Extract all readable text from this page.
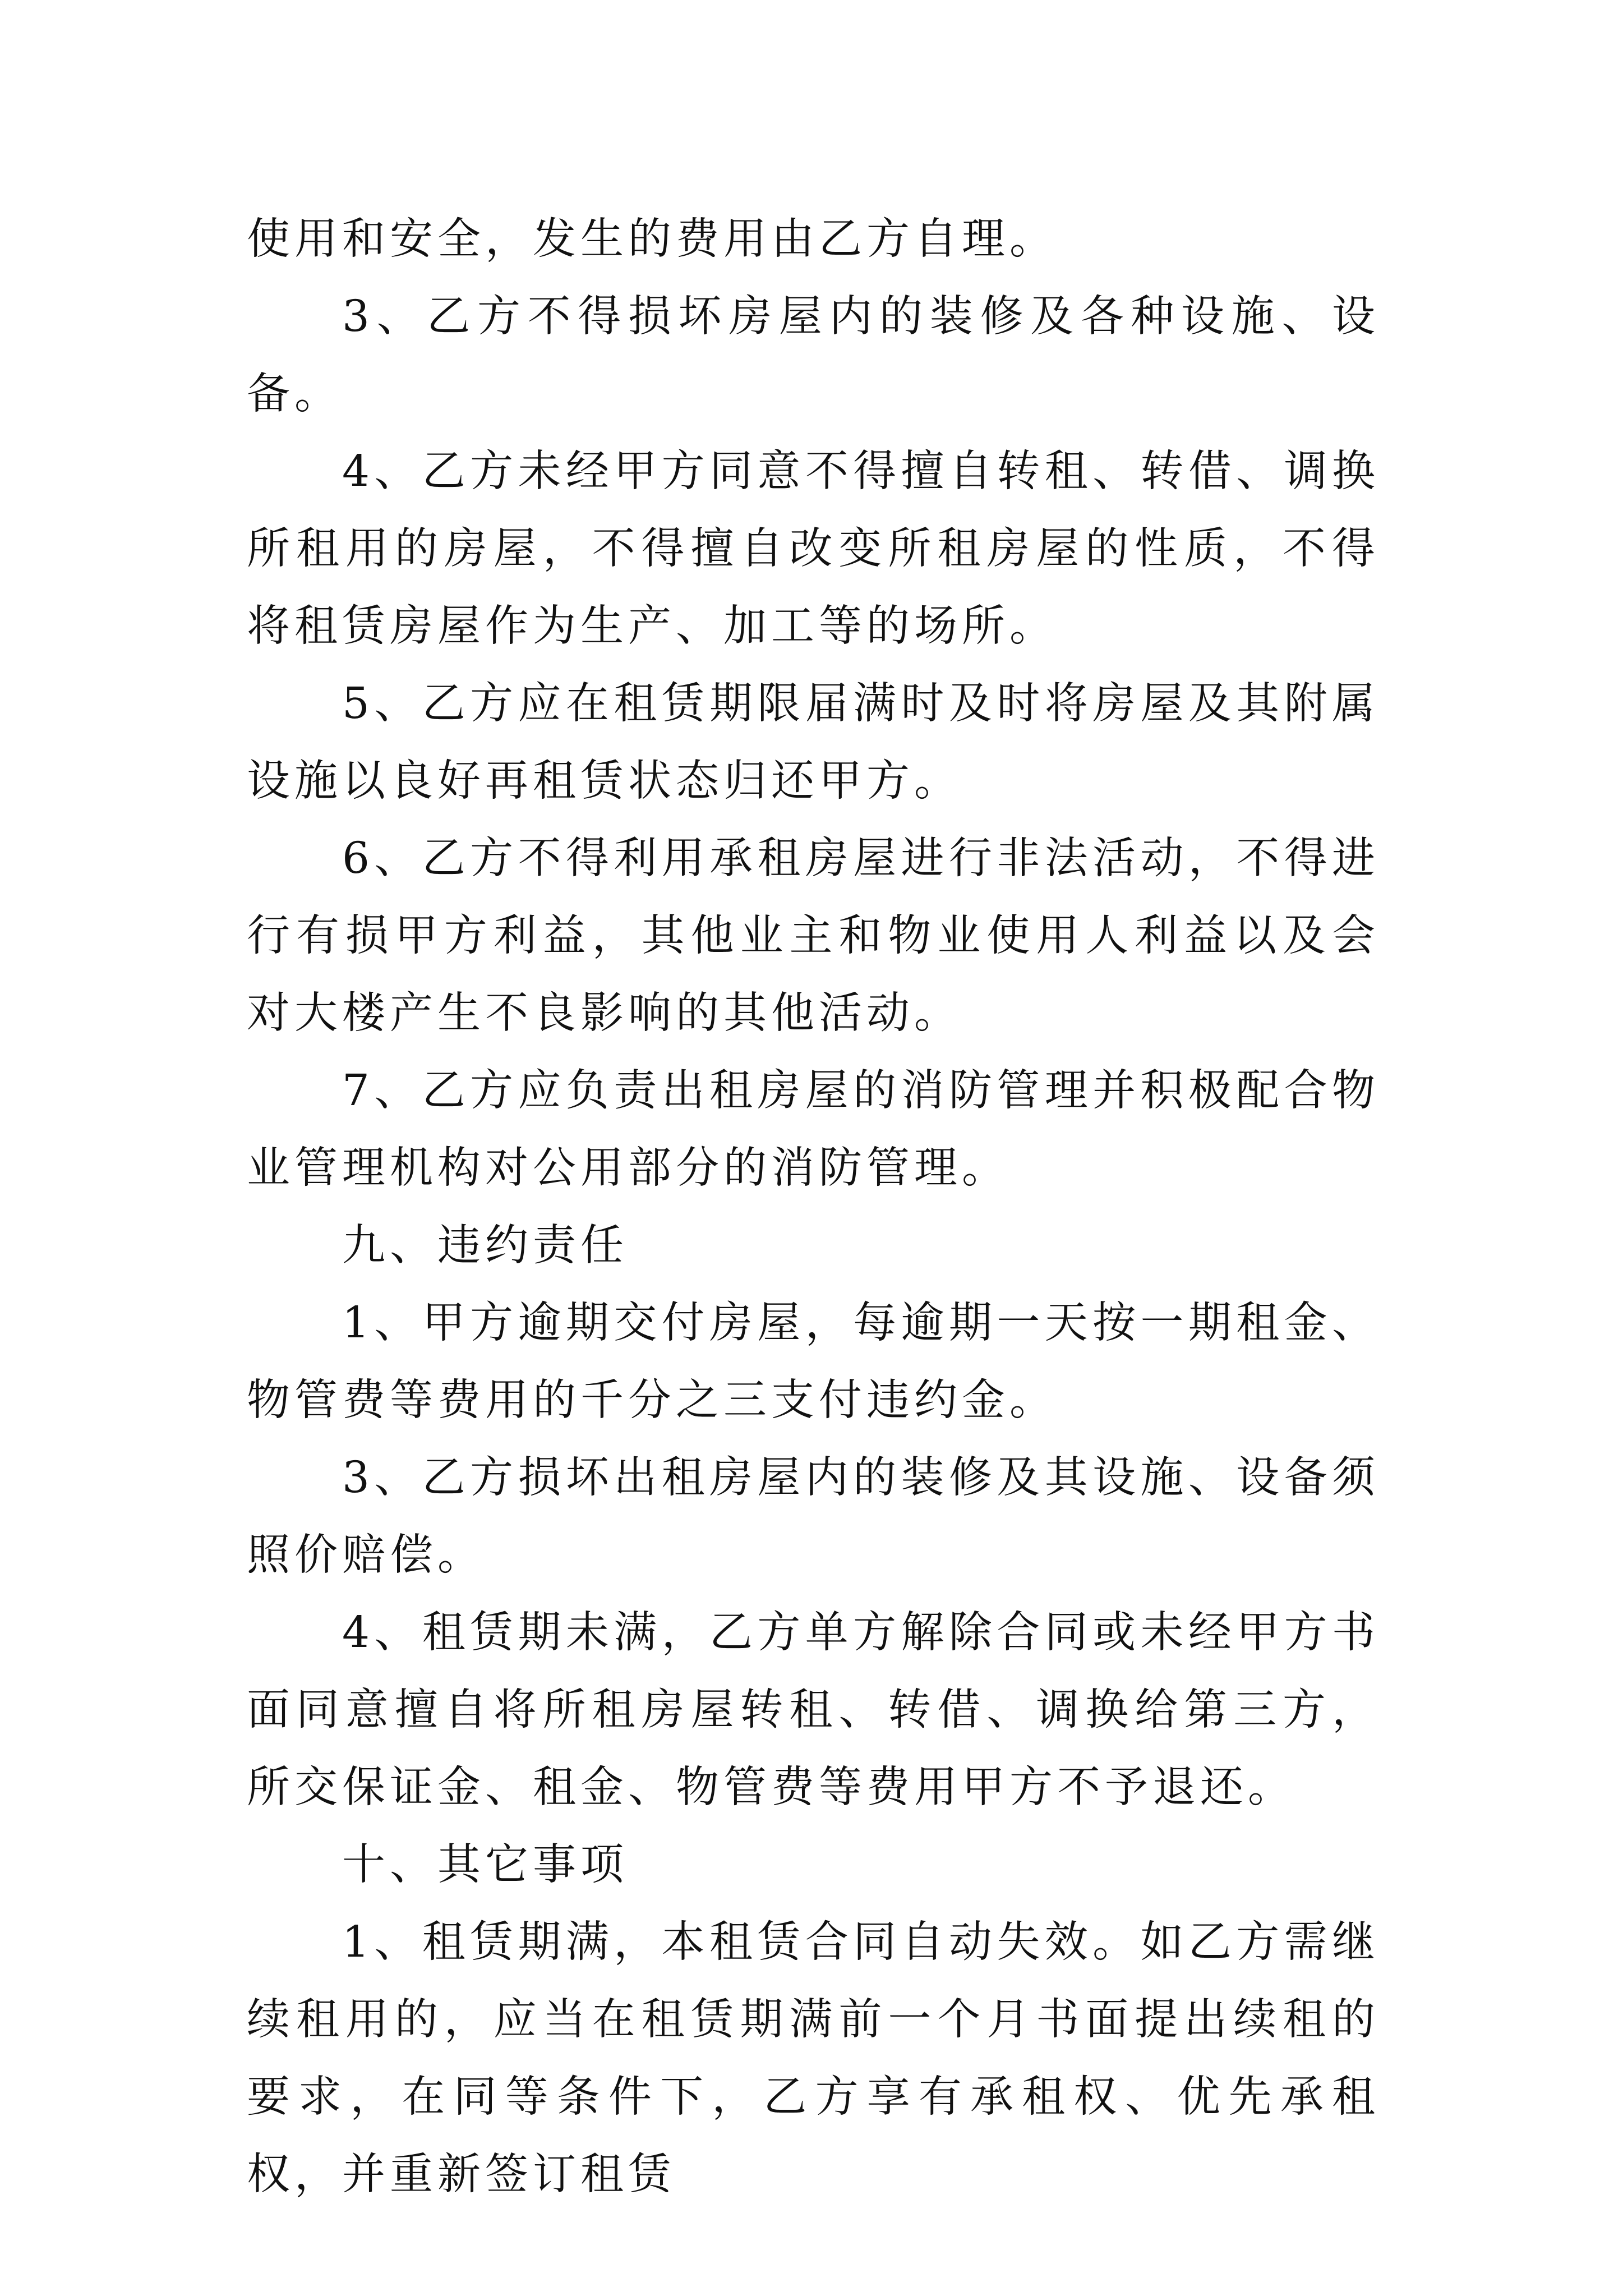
使用和安全，发生的费用由乙方自理。

3、乙方不得损坏房屋内的装修及各种设施、设备。

4、乙方未经甲方同意不得擅自转租、转借、调换所租用的房屋，不得擅自改变所租房屋的性质，不得将租赁房屋作为生产、加工等的场所。

5、乙方应在租赁期限届满时及时将房屋及其附属设施以良好再租赁状态归还甲方。

6、乙方不得利用承租房屋进行非法活动，不得进行有损甲方利益，其他业主和物业使用人利益以及会对大楼产生不良影响的其他活动。

7、乙方应负责出租房屋的消防管理并积极配合物业管理机构对公用部分的消防管理。

九、违约责任

1、甲方逾期交付房屋，每逾期一天按一期租金、物管费等费用的千分之三支付违约金。

3、乙方损坏出租房屋内的装修及其设施、设备须照价赔偿。

4、租赁期未满，乙方单方解除合同或未经甲方书面同意擅自将所租房屋转租、转借、调换给第三方，所交保证金、租金、物管费等费用甲方不予退还。

十、其它事项

1、租赁期满，本租赁合同自动失效。如乙方需继续租用的，应当在租赁期满前一个月书面提出续租的要求，在同等条件下，乙方享有承租权、优先承租权，并重新签订租赁
